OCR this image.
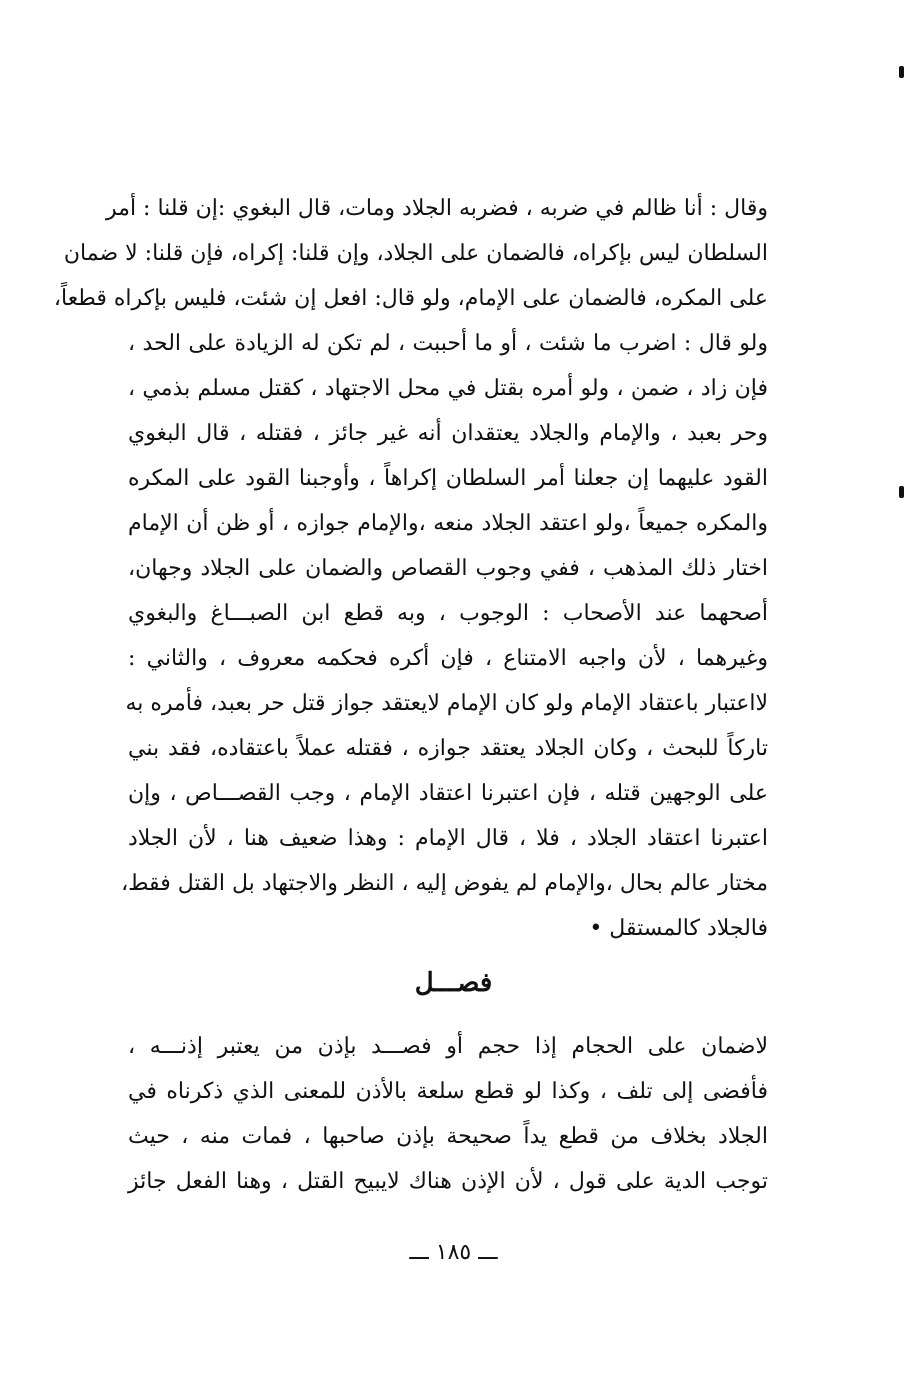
وقال : أنا ظالم في ضربه ، فضربه الجلاد ومات، قال البغوي :إن قلنا : أمر
السلطان ليس بإكراه، فالضمان على الجلاد، وإن قلنا: إكراه، فإن قلنا: لا ضمان
على المكره، فالضمان على الإمام، ولو قال: افعل إن شئت، فليس بإكراه قطعاً،
ولو قال : اضرب ما شئت ، أو ما أحببت ، لم تكن له الزيادة على الحد ،
فإن زاد ، ضمن ، ولو أمره بقتل في محل الاجتهاد ، كقتل مسلم بذمي ،
وحر بعبد ، والإمام والجلاد يعتقدان أنه غير جائز ، فقتله ، قال البغوي
القود عليهما إن جعلنا أمر السلطان إكراهاً ، وأوجبنا القود على المكره
والمكره جميعاً ،ولو اعتقد الجلاد منعه ،والإمام جوازه ، أو ظن أن الإمام
اختار ذلك المذهب ، ففي وجوب القصاص والضمان على الجلاد وجهان،
أصحهما عند الأصحاب : الوجوب ، وبه قطع ابن الصبـــاغ والبغوي
وغيرهما ، لأن واجبه الامتناع ، فإن أكره فحكمه معروف ، والثاني :
لااعتبار باعتقاد الإمام ولو كان الإمام لايعتقد جواز قتل حر بعبد، فأمره به
تاركاً للبحث ، وكان الجلاد يعتقد جوازه ، فقتله عملاً باعتقاده، فقد بني
على الوجهين قتله ، فإن اعتبرنا اعتقاد الإمام ، وجب القصـــاص ، وإن
اعتبرنا اعتقاد الجلاد ، فلا ، قال الإمام : وهذا ضعيف هنا ، لأن الجلاد
مختار عالم بحال ،والإمام لم يفوض إليه ، النظر والاجتهاد بل القتل فقط،
فالجلاد كالمستقل •
فصـــل
لاضمان على الحجام إذا حجم أو فصـــد بإذن من يعتبر إذنـــه ،
فأفضى إلى تلف ، وكذا لو قطع سلعة بالأذن للمعنى الذي ذكرناه في
الجلاد بخلاف من قطع يداً صحيحة بإذن صاحبها ، فمات منه ، حيث
توجب الدية على قول ، لأن الإذن هناك لايبيح القتل ، وهنا الفعل جائز
ـــ ١٨٥ ـــ
